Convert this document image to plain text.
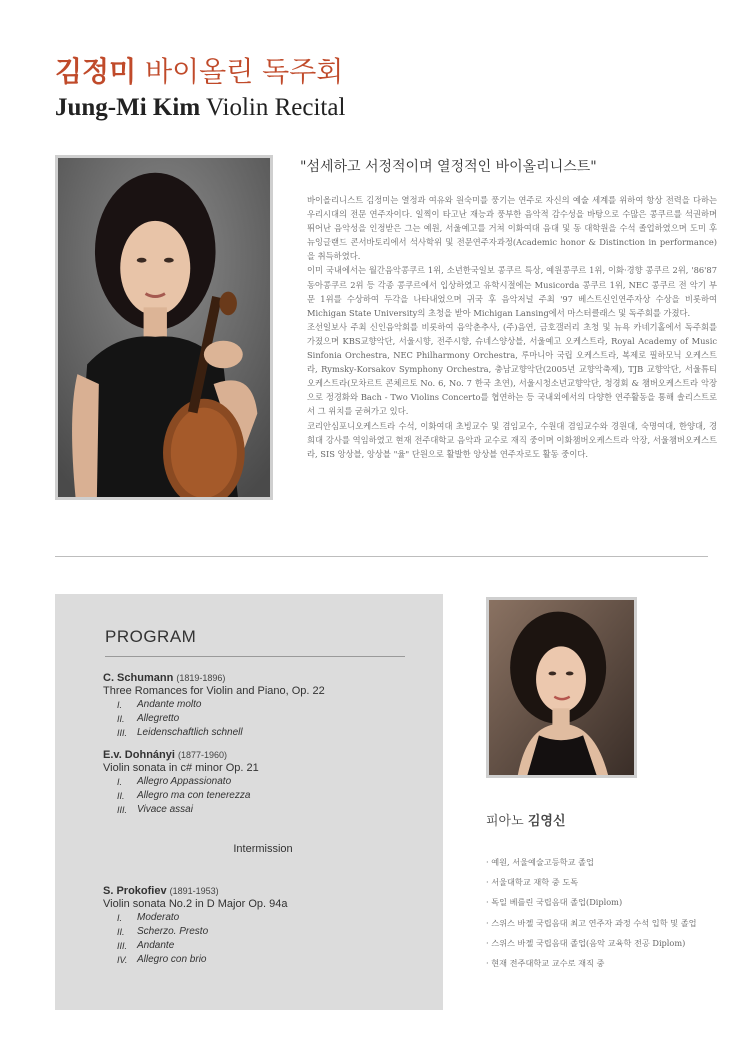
김정미 바이올린 독주회
Jung-Mi Kim Violin Recital
"섬세하고 서정적이며 열정적인 바이올리니스트"

바이올리니스트 김정미는 열정과 여유와 원숙미를 풍기는 연주로 자신의 예술 세계를 위하여 항상 전력을 다하는 우리시대의 전문 연주자이다. 일찍이 타고난 재능과 풍부한 음악적 감수성을 바탕으로 수많은 콩쿠르를 석권하며 뛰어난 음악성을 인정받은 그는 예원, 서울예고를 거쳐 이화여대 음대 및 동 대학원을 수석 졸업하였으며 도미 후 뉴잉글랜드 콘서바토리에서 석사학위 및 전문연주자과정(Academic honor & Distinction in performance)을 취득하였다.

이미 국내에서는 월간음악콩쿠르 1위, 소년한국일보 콩쿠르 특상, 예원콩쿠르 1위, 이화·경향 콩쿠르 2위, '86'87 동아콩쿠르 2위 등 각종 콩쿠르에서 입상하였고 유학시절에는 Musicorda 콩쿠르 1위, NEC 콩쿠르 전 악기 부문 1위를 수상하여 두각을 나타내었으며 귀국 후 음악저널 주최 '97 베스트신인연주자상 수상을 비롯하여 Michigan State University의 초청을 받아 Michigan Lansing에서 마스터클래스 및 독주회를 가졌다.

조선일보사 주최 신인음악회를 비롯하여 음악춘추사, (주)음연, 금호갤러리 초청 및 뉴욕 카네기홀에서 독주회를 가졌으며 KBS교향악단, 서울시향, 전주시향, 슈네스양상블, 서울예고 오케스트라, Royal Academy of Music Sinfonia Orchestra, NEC Philharmony Orchestra, 루마니아 국립 오케스트라, 복제로 필하모닉 오케스트라, Rymsky-Korsakov Symphony Orchestra, 충남교향악단(2005년 교향악축제), TJB 교향악단, 서울튜티 오케스트라(모차르트 콘체르토 No. 6, No. 7 한국 초연), 서울시청소년교향악단, 청경회 & 챔버오케스트라 악장으로 정경화와 Bach - Two Violins Concerto를 협연하는 등 국내외에서의 다양한 연주활동을 통해 솔리스트로서 그 위치를 굳혀가고 있다.

코리안심포니오케스트라 수석, 이화여대 초빙교수 및 겸임교수, 수원대 겸임교수와 경원대, 숙명여대, 한양대, 경희대 강사를 역임하였고 현재 전주대학교 음악과 교수로 재직 중이며 이화챔버오케스트라 악장, 서울챔버오케스트라, SIS 앙상블, 앙상블 "율" 단원으로 활발한 앙상블 연주자로도 활동 중이다.

PROGRAM
C. Schumann (1819-1896)
Three Romances for Violin and Piano, Op. 22
I.	Andante molto
II.	Allegretto
III. Leidenschaftlich schnell
E.v. Dohnányi (1877-1960)
Violin sonata in c# minor Op. 21
I.	Allegro Appassionato
II.	Allegro ma con tenerezza
III. Vivace assai
Intermission
S. Prokofiev (1891-1953)
Violin sonata No.2 in D Major Op. 94a
I.	Moderato
II.	Scherzo. Presto
III. Andante
IV. Allegro con brio
피아노 김영신
· 예원, 서울예술고등학교 졸업
· 서울대학교 재학 중 도독
· 독일 베를린 국립음대 졸업(Diplom)
· 스위스 바젤 국립음대 최고 연주자 과정 수석 입학 및 졸업
· 스위스 바젤 국립음대 졸업(음악 교육학 전공 Diplom)
· 현재 전주대학교 교수로 재직 중
